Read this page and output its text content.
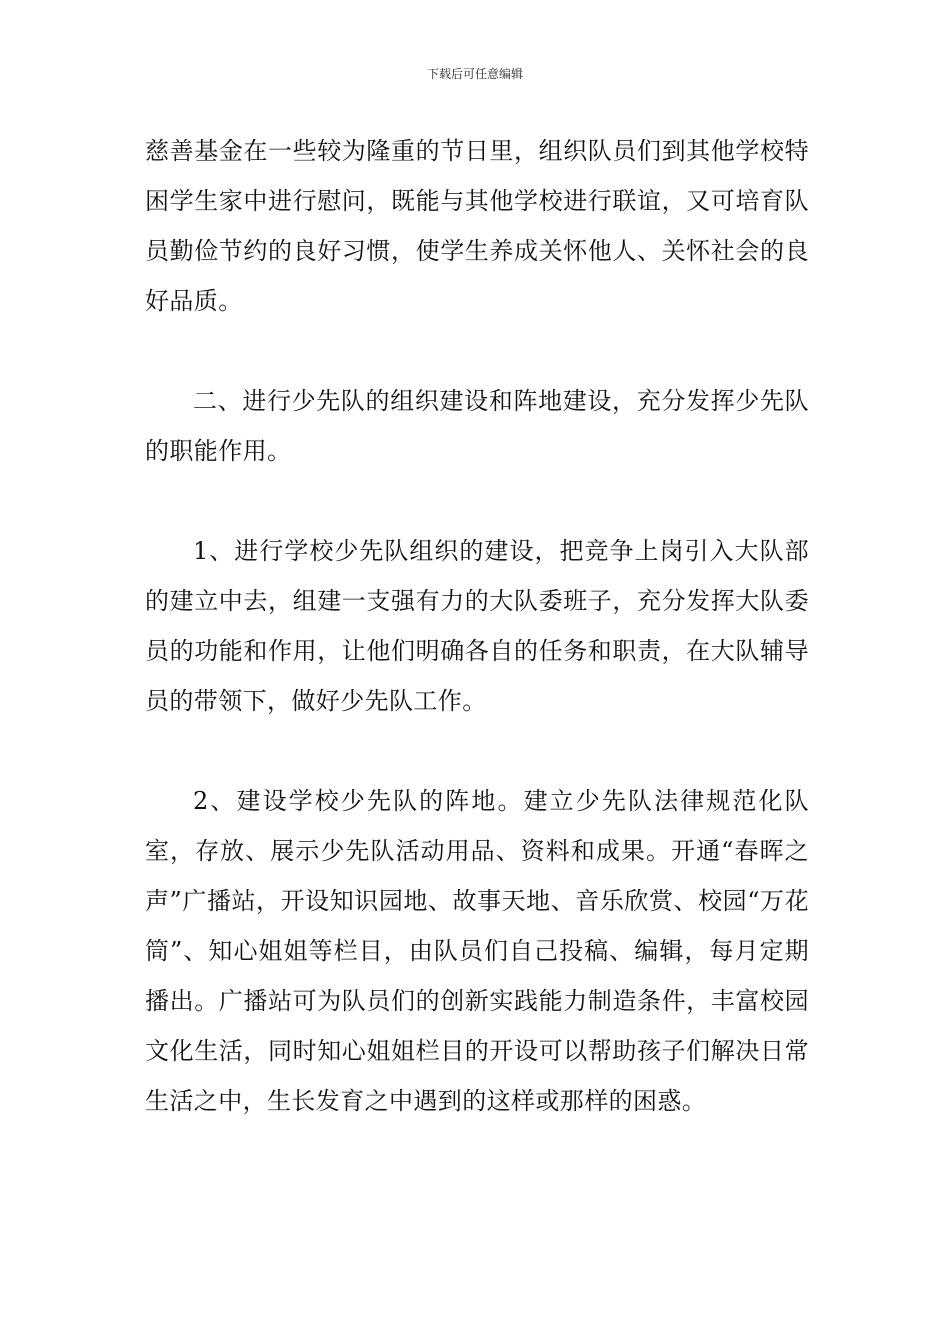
下载后可任意编辑

慈善基金在一些较为隆重的节日里，组织队员们到其他学校特困学生家中进行慰问，既能与其他学校进行联谊，又可培育队员勤俭节约的良好习惯，使学生养成关怀他人、关怀社会的良好品质。

二、进行少先队的组织建设和阵地建设，充分发挥少先队的职能作用。

1、进行学校少先队组织的建设，把竞争上岗引入大队部的建立中去，组建一支强有力的大队委班子，充分发挥大队委员的功能和作用，让他们明确各自的任务和职责，在大队辅导员的带领下，做好少先队工作。

2、建设学校少先队的阵地。建立少先队法律规范化队室，存放、展示少先队活动用品、资料和成果。开通“春晖之声”广播站，开设知识园地、故事天地、音乐欣赏、校园“万花筒”、知心姐姐等栏目，由队员们自己投稿、编辑，每月定期播出。广播站可为队员们的创新实践能力制造条件，丰富校园文化生活，同时知心姐姐栏目的开设可以帮助孩子们解决日常生活之中，生长发育之中遇到的这样或那样的困惑。
